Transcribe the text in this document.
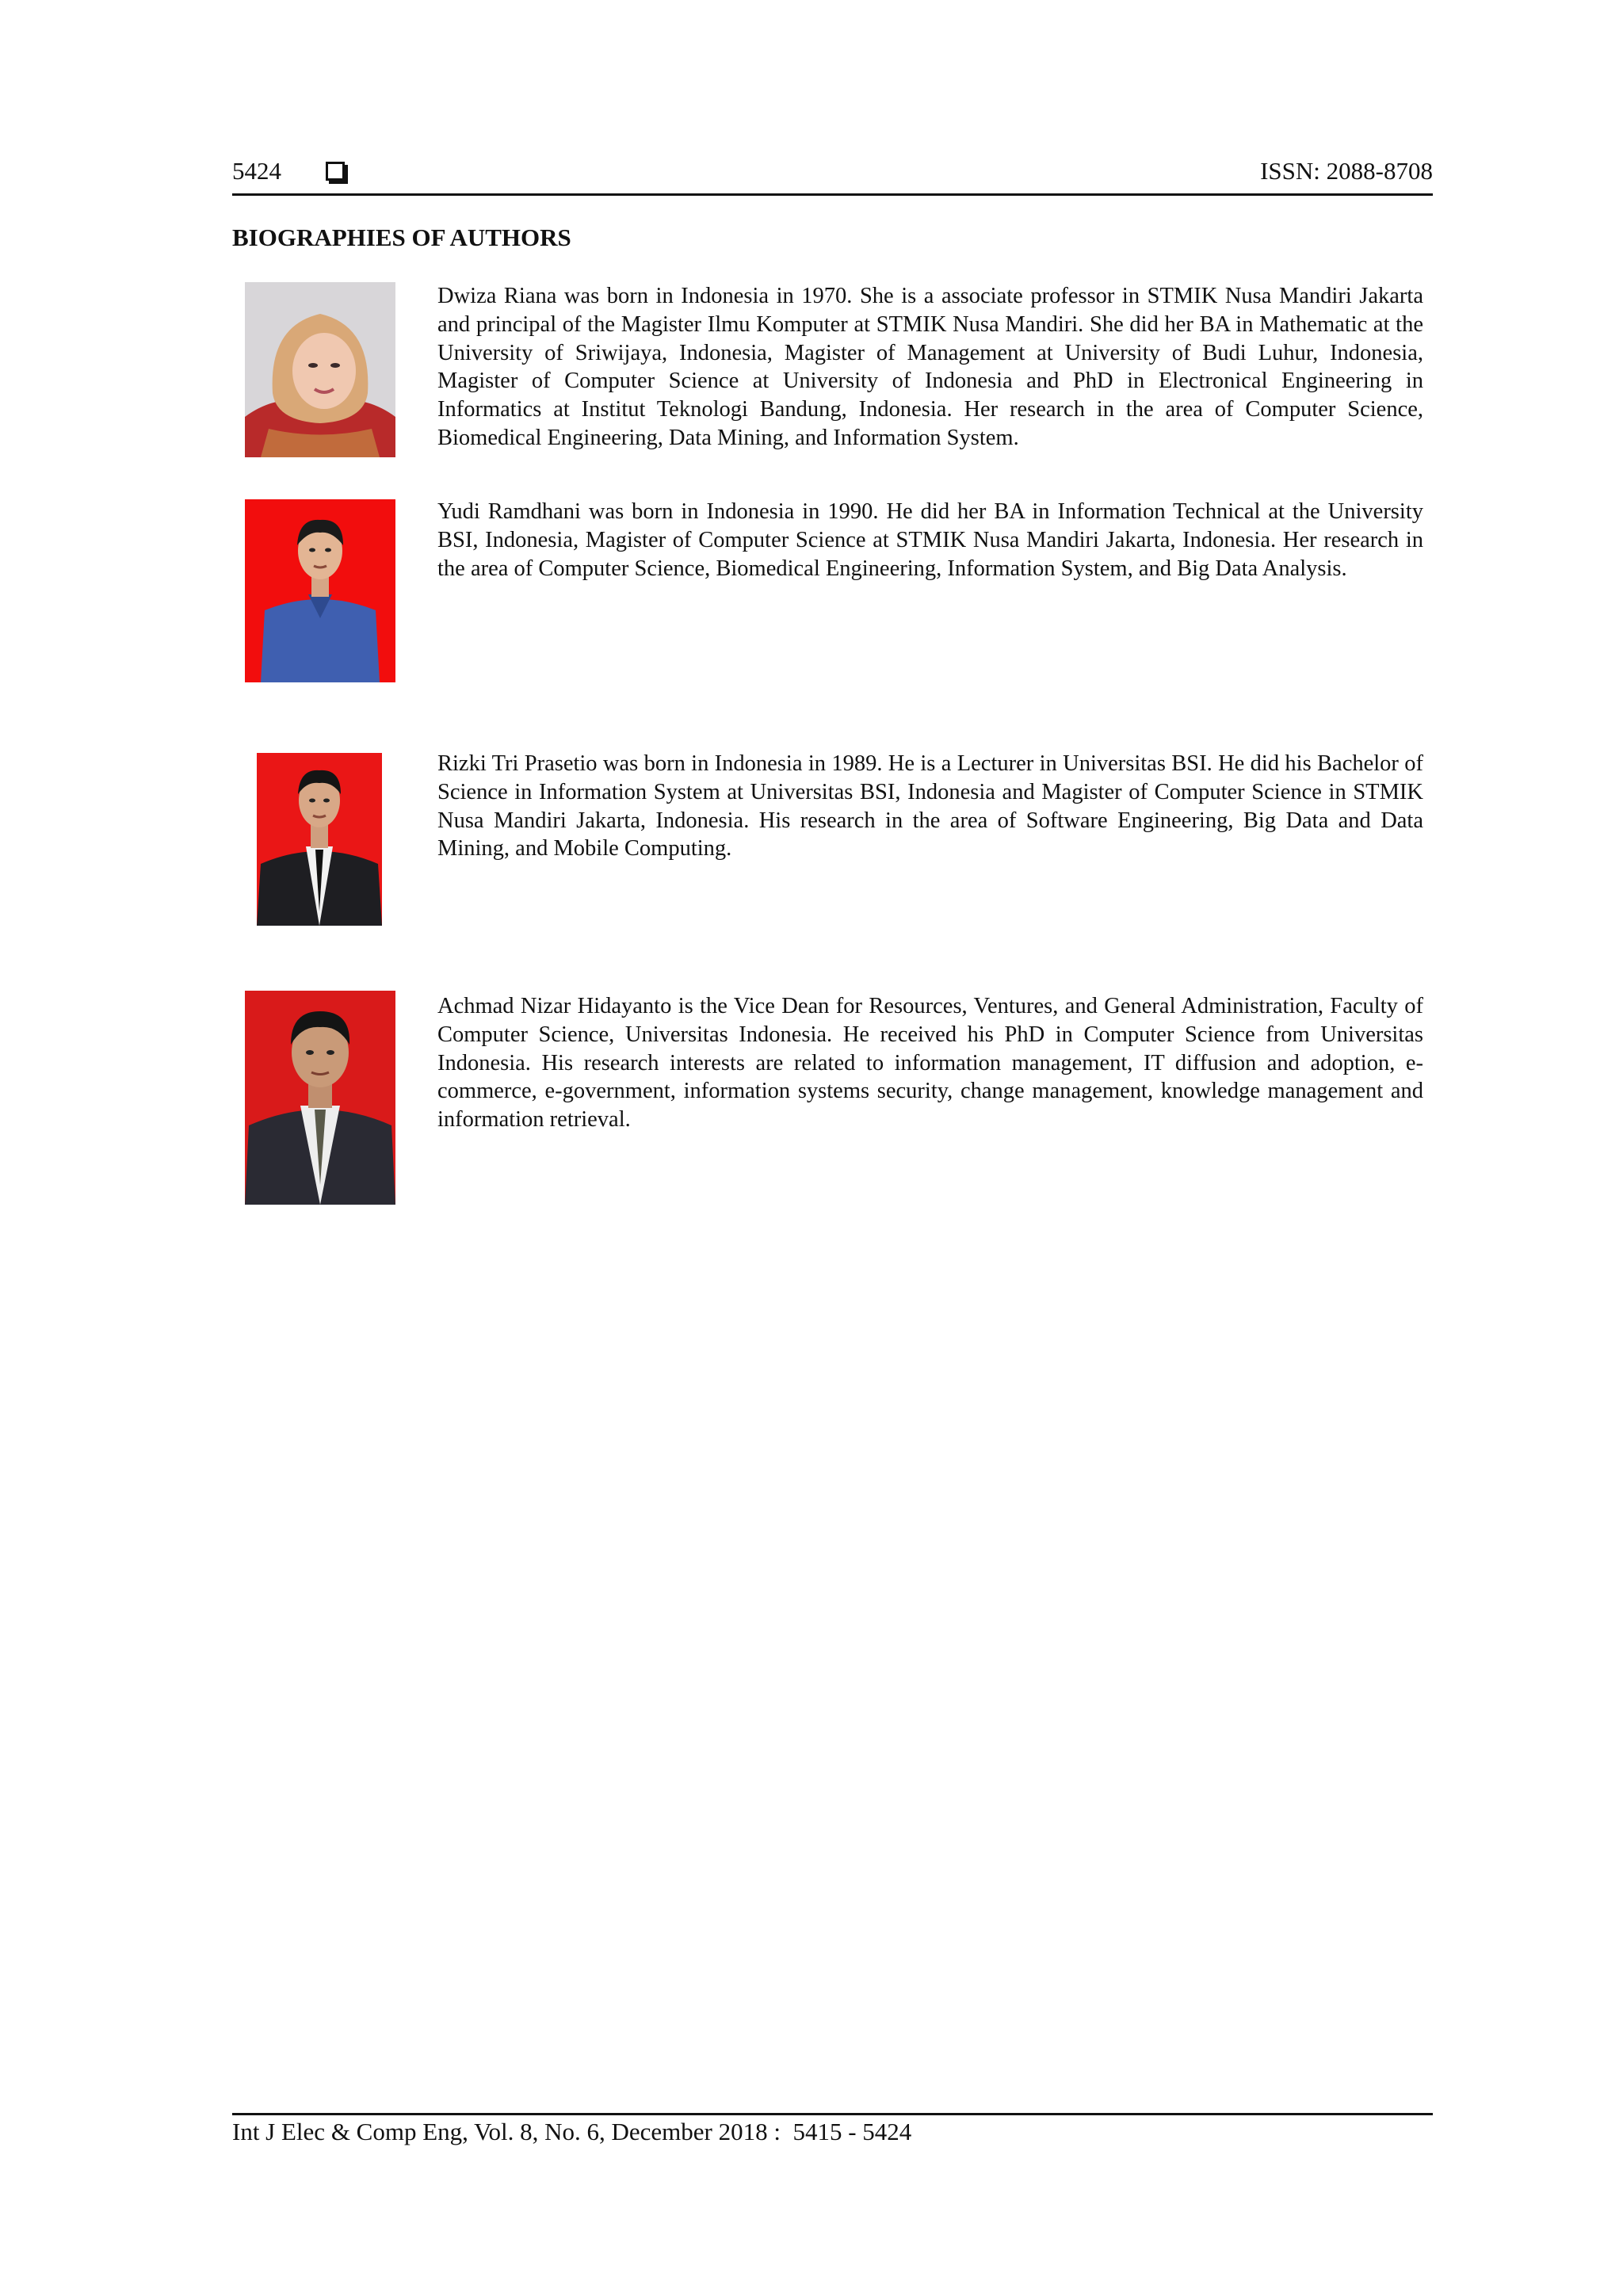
5424	ISSN: 2088-8708
BIOGRAPHIES OF AUTHORS

Dwiza Riana was born in Indonesia in 1970. She is a associate professor in STMIK Nusa Mandiri Jakarta and principal of the Magister Ilmu Komputer at STMIK Nusa Mandiri. She did her BA in Mathematic at the University of Sriwijaya, Indonesia, Magister of Management at University of Budi Luhur, Indonesia, Magister of Computer Science at University of Indonesia and PhD in Electronical Engineering in Informatics at Institut Teknologi Bandung, Indonesia. Her research in the area of Computer Science, Biomedical Engineering, Data Mining, and Information System.

Yudi Ramdhani was born in Indonesia in 1990. He did her BA in Information Technical at the University BSI, Indonesia, Magister of Computer Science at STMIK Nusa Mandiri Jakarta, Indonesia. Her research in the area of Computer Science, Biomedical Engineering, Information System, and Big Data Analysis.

Rizki Tri Prasetio was born in Indonesia in 1989. He is a Lecturer in Universitas BSI. He did his Bachelor of Science in Information System at Universitas BSI, Indonesia and Magister of Computer Science in STMIK Nusa Mandiri Jakarta, Indonesia. His research in the area of Software Engineering, Big Data and Data Mining, and Mobile Computing.

Achmad Nizar Hidayanto is the Vice Dean for Resources, Ventures, and General Administration, Faculty of Computer Science, Universitas Indonesia. He received his PhD in Computer Science from Universitas Indonesia. His research interests are related to information management, IT diffusion and adoption, e-commerce, e-government, information systems security, change management, knowledge management and information retrieval.

Int J Elec & Comp Eng, Vol. 8, No. 6, December 2018 :  5415 - 5424
